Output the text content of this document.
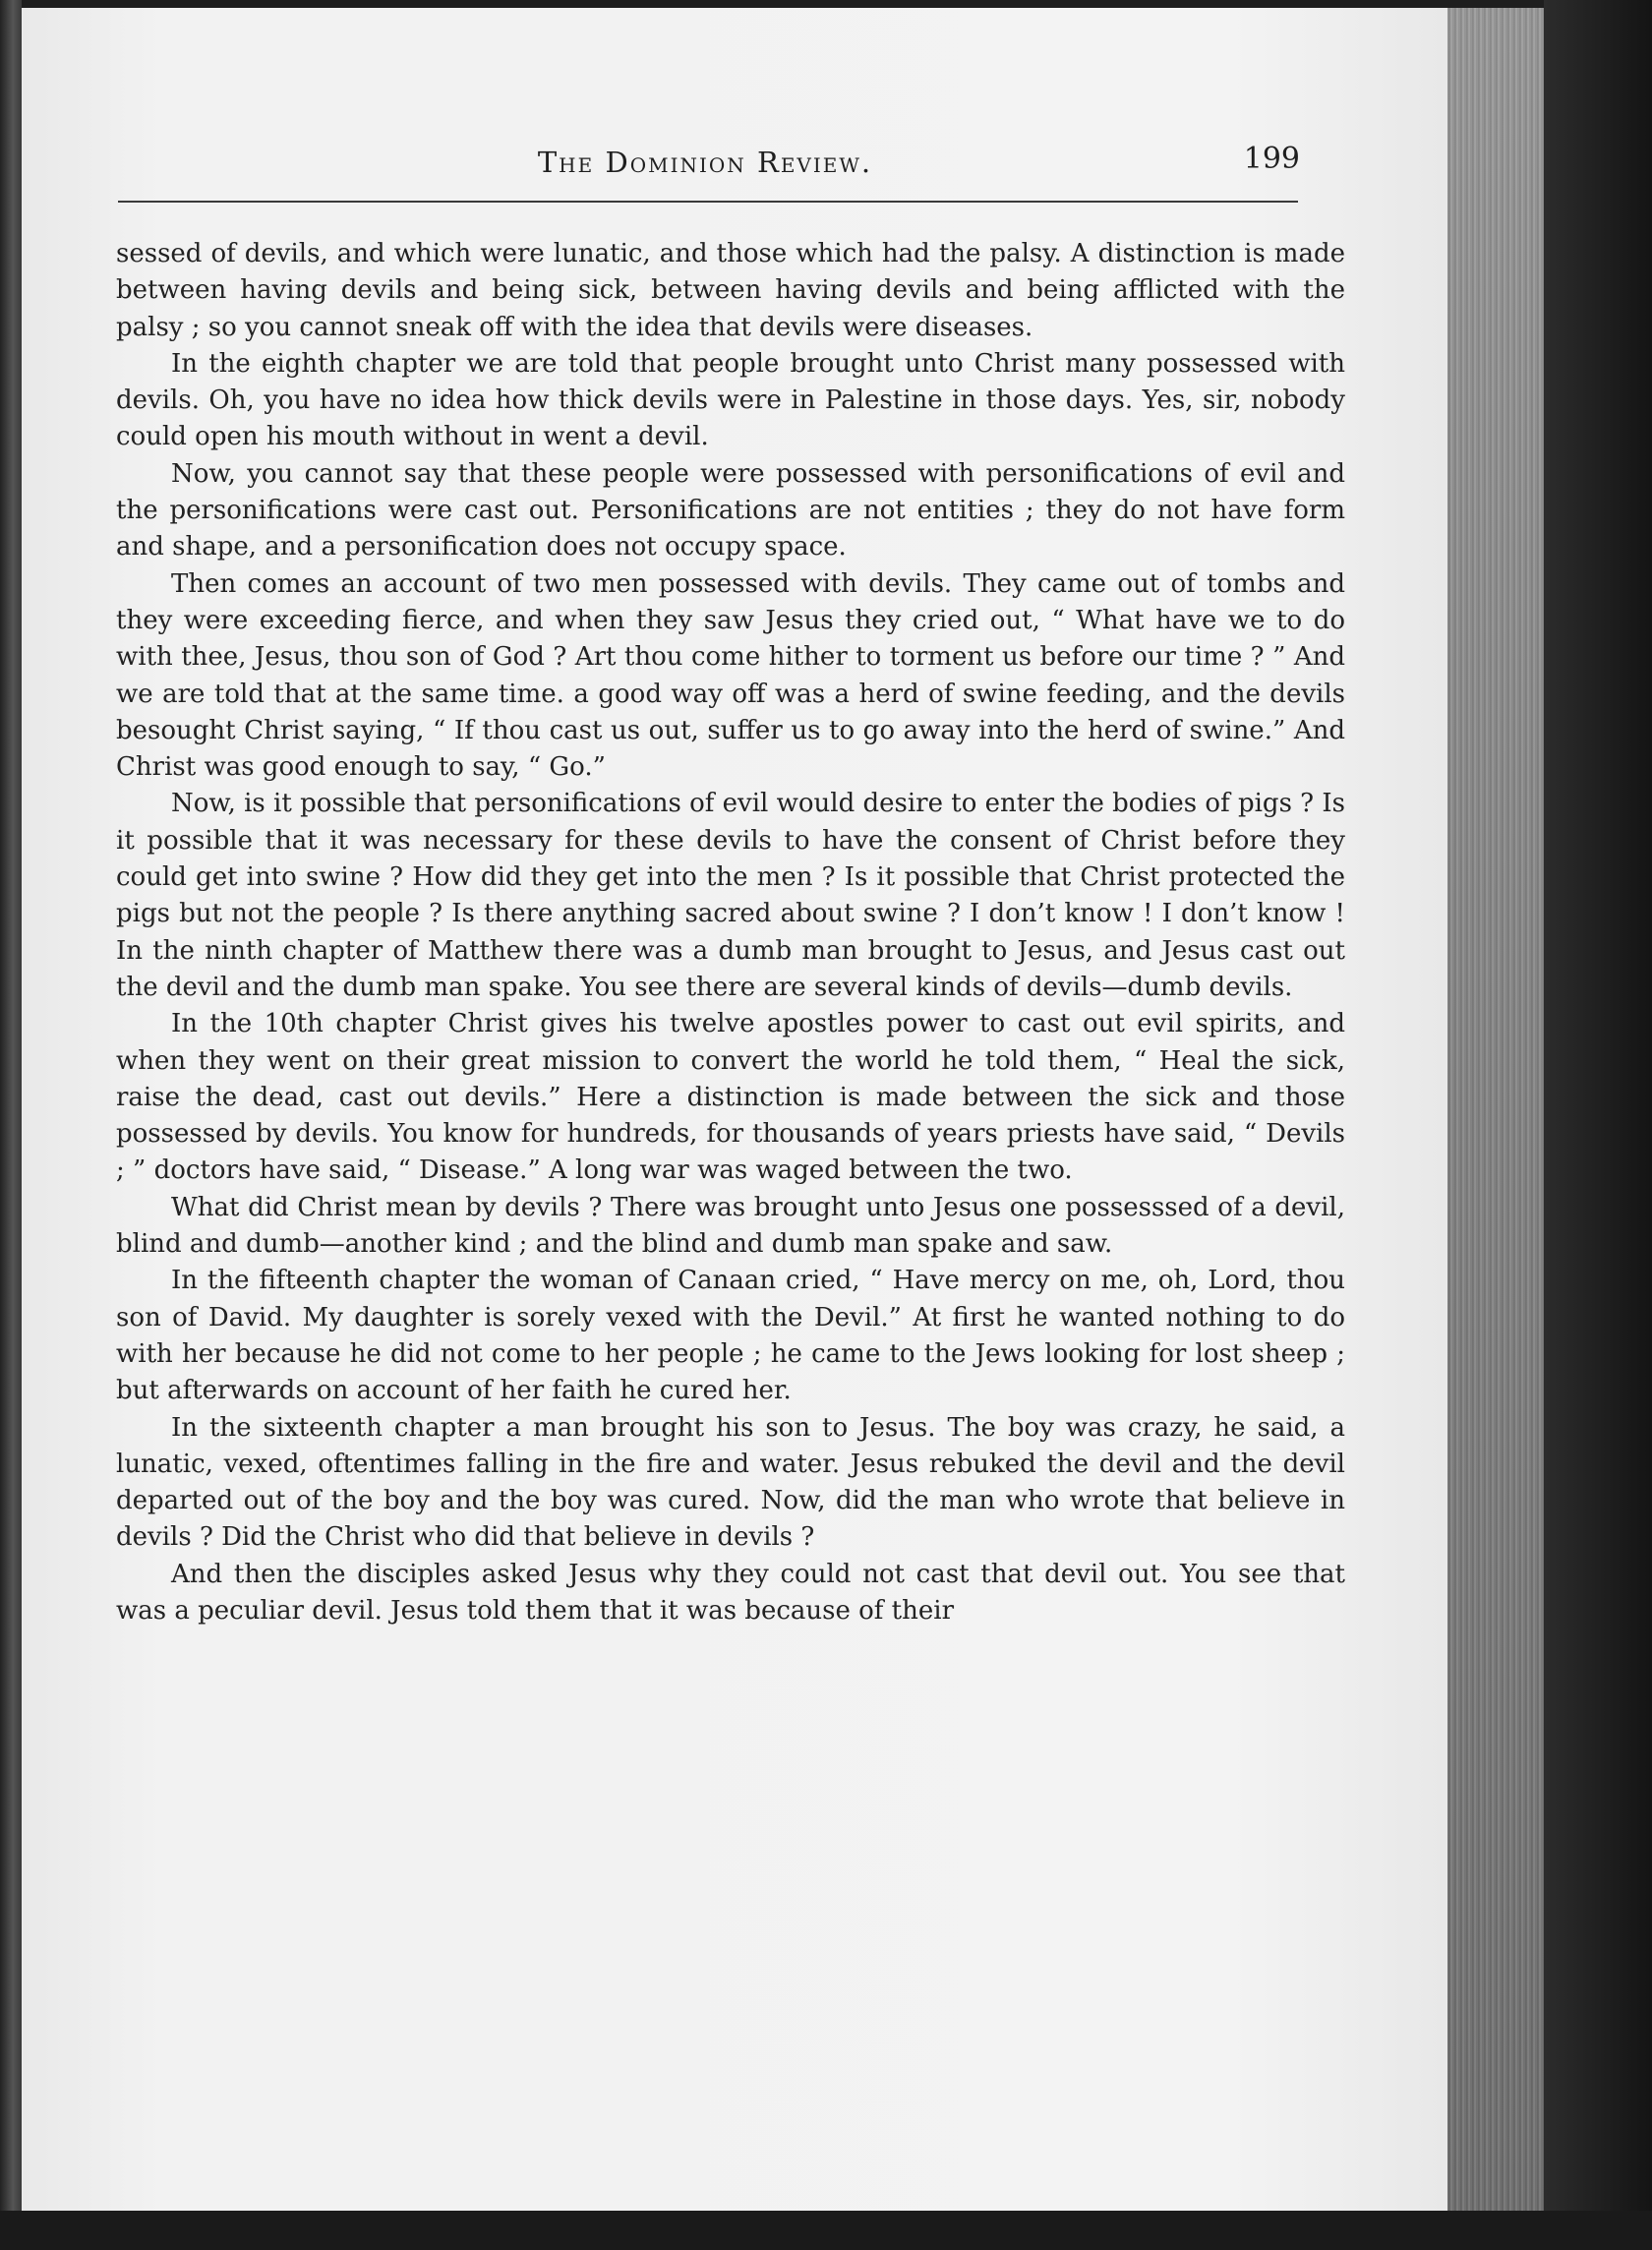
The Dominion Review.	199

sessed of devils, and which were lunatic, and those which had the palsy. A distinction is made between having devils and being sick, between having devils and being afflicted with the palsy ; so you cannot sneak off with the idea that devils were diseases.

In the eighth chapter we are told that people brought unto Christ many possessed with devils. Oh, you have no idea how thick devils were in Palestine in those days. Yes, sir, nobody could open his mouth without in went a devil.

Now, you cannot say that these people were possessed with personifications of evil and the personifications were cast out. Personifications are not entities ; they do not have form and shape, and a personification does not occupy space.

Then comes an account of two men possessed with devils. They came out of tombs and they were exceeding fierce, and when they saw Jesus they cried out, “ What have we to do with thee, Jesus, thou son of God ? Art thou come hither to torment us before our time ? ” And we are told that at the same time. a good way off was a herd of swine feeding, and the devils besought Christ saying, “ If thou cast us out, suffer us to go away into the herd of swine.” And Christ was good enough to say, “ Go.”

Now, is it possible that personifications of evil would desire to enter the bodies of pigs ? Is it possible that it was necessary for these devils to have the consent of Christ before they could get into swine ? How did they get into the men ? Is it possible that Christ protected the pigs but not the people ? Is there anything sacred about swine ? I don’t know ! I don’t know ! In the ninth chapter of Matthew there was a dumb man brought to Jesus, and Jesus cast out the devil and the dumb man spake. You see there are several kinds of devils—dumb devils.

In the 10th chapter Christ gives his twelve apostles power to cast out evil spirits, and when they went on their great mission to convert the world he told them, “ Heal the sick, raise the dead, cast out devils.” Here a distinction is made between the sick and those possessed by devils. You know for hundreds, for thousands of years priests have said, “ Devils ; ” doctors have said, “ Disease.” A long war was waged between the two.

What did Christ mean by devils ? There was brought unto Jesus one possesssed of a devil, blind and dumb—another kind ; and the blind and dumb man spake and saw.

In the fifteenth chapter the woman of Canaan cried, “ Have mercy on me, oh, Lord, thou son of David. My daughter is sorely vexed with the Devil.” At first he wanted nothing to do with her because he did not come to her people ; he came to the Jews looking for lost sheep ; but afterwards on account of her faith he cured her.

In the sixteenth chapter a man brought his son to Jesus. The boy was crazy, he said, a lunatic, vexed, oftentimes falling in the fire and water. Jesus rebuked the devil and the devil departed out of the boy and the boy was cured. Now, did the man who wrote that believe in devils ? Did the Christ who did that believe in devils ?

And then the disciples asked Jesus why they could not cast that devil out. You see that was a peculiar devil. Jesus told them that it was because of their
